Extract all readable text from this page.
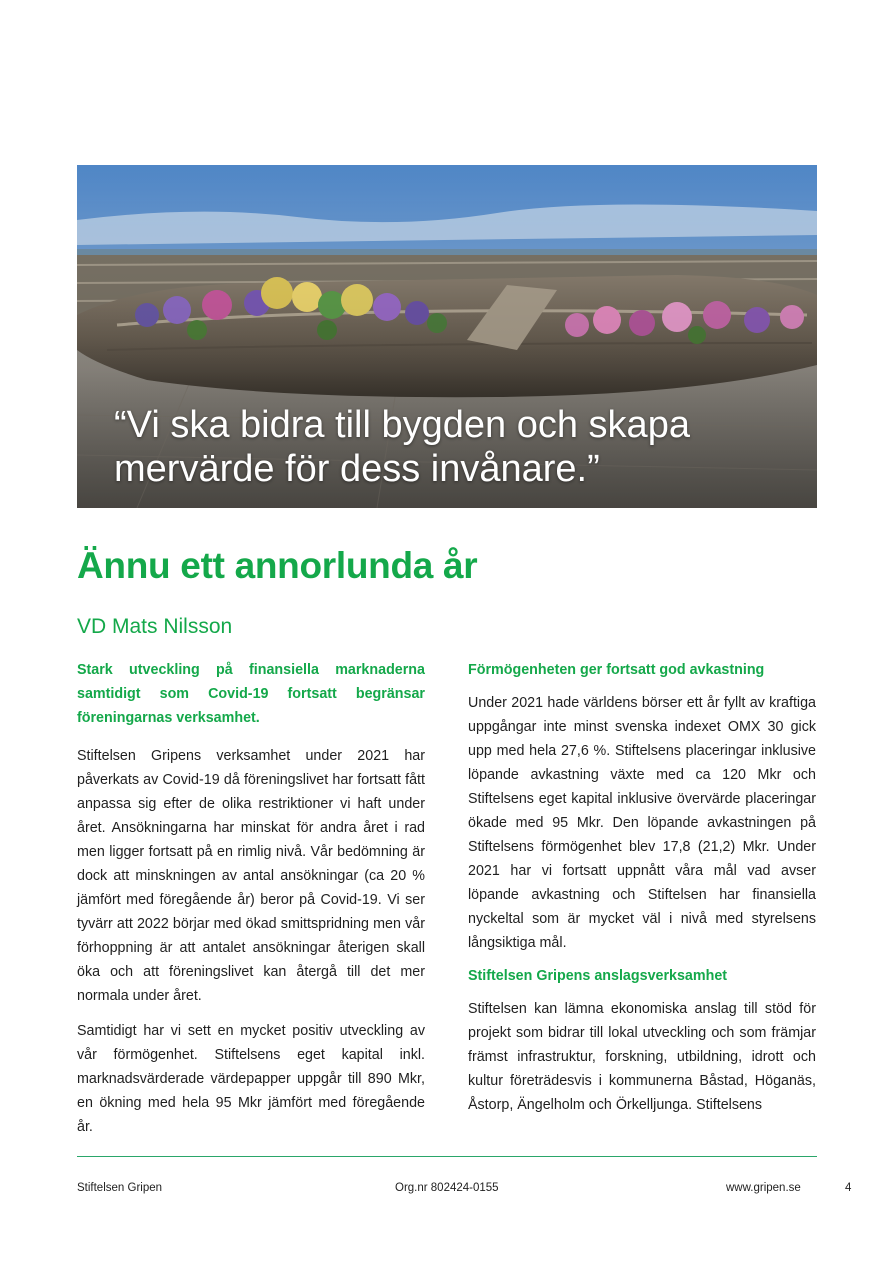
“Vi ska bidra till bygden och skapa
mervärde för dess invånare.”

Ännu ett annorlunda år

VD Mats Nilsson

Stark utveckling på finansiella marknaderna samtidigt som Covid-19 fortsatt begränsar föreningarnas verksamhet.

Stiftelsen Gripens verksamhet under 2021 har påverkats av Covid-19 då föreningslivet har fortsatt fått anpassa sig efter de olika restriktioner vi haft under året. Ansökningarna har minskat för andra året i rad men ligger fortsatt på en rimlig nivå. Vår bedömning är dock att minskningen av antal ansökningar (ca 20 % jämfört med föregående år) beror på Covid-19. Vi ser tyvärr att 2022 börjar med ökad smittspridning men vår förhoppning är att antalet ansökningar återigen skall öka och att föreningslivet kan återgå till det mer normala under året.

Samtidigt har vi sett en mycket positiv utveckling av vår förmögenhet. Stiftelsens eget kapital inkl. marknadsvärderade värdepapper uppgår till 890 Mkr, en ökning med hela 95 Mkr jämfört med föregående år.

Förmögenheten ger fortsatt god avkastning

Under 2021 hade världens börser ett år fyllt av kraftiga uppgångar inte minst svenska indexet OMX 30 gick upp med hela 27,6 %. Stiftelsens placeringar inklusive löpande avkastning växte med ca 120 Mkr och Stiftelsens eget kapital inklusive övervärde placeringar ökade med 95 Mkr. Den löpande avkastningen på Stiftelsens förmögenhet blev 17,8 (21,2) Mkr. Under 2021 har vi fortsatt uppnått våra mål vad avser löpande avkastning och Stiftelsen har finansiella nyckeltal som är mycket väl i nivå med styrelsens långsiktiga mål.

Stiftelsen Gripens anslagsverksamhet

Stiftelsen kan lämna ekonomiska anslag till stöd för projekt som bidrar till lokal utveckling och som främjar främst infrastruktur, forskning, utbildning, idrott och kultur företrädesvis i kommunerna Båstad, Höganäs, Åstorp, Ängelholm och Örkelljunga. Stiftelsens

Stiftelsen Gripen	Org.nr 802424-0155	www.gripen.se	4
